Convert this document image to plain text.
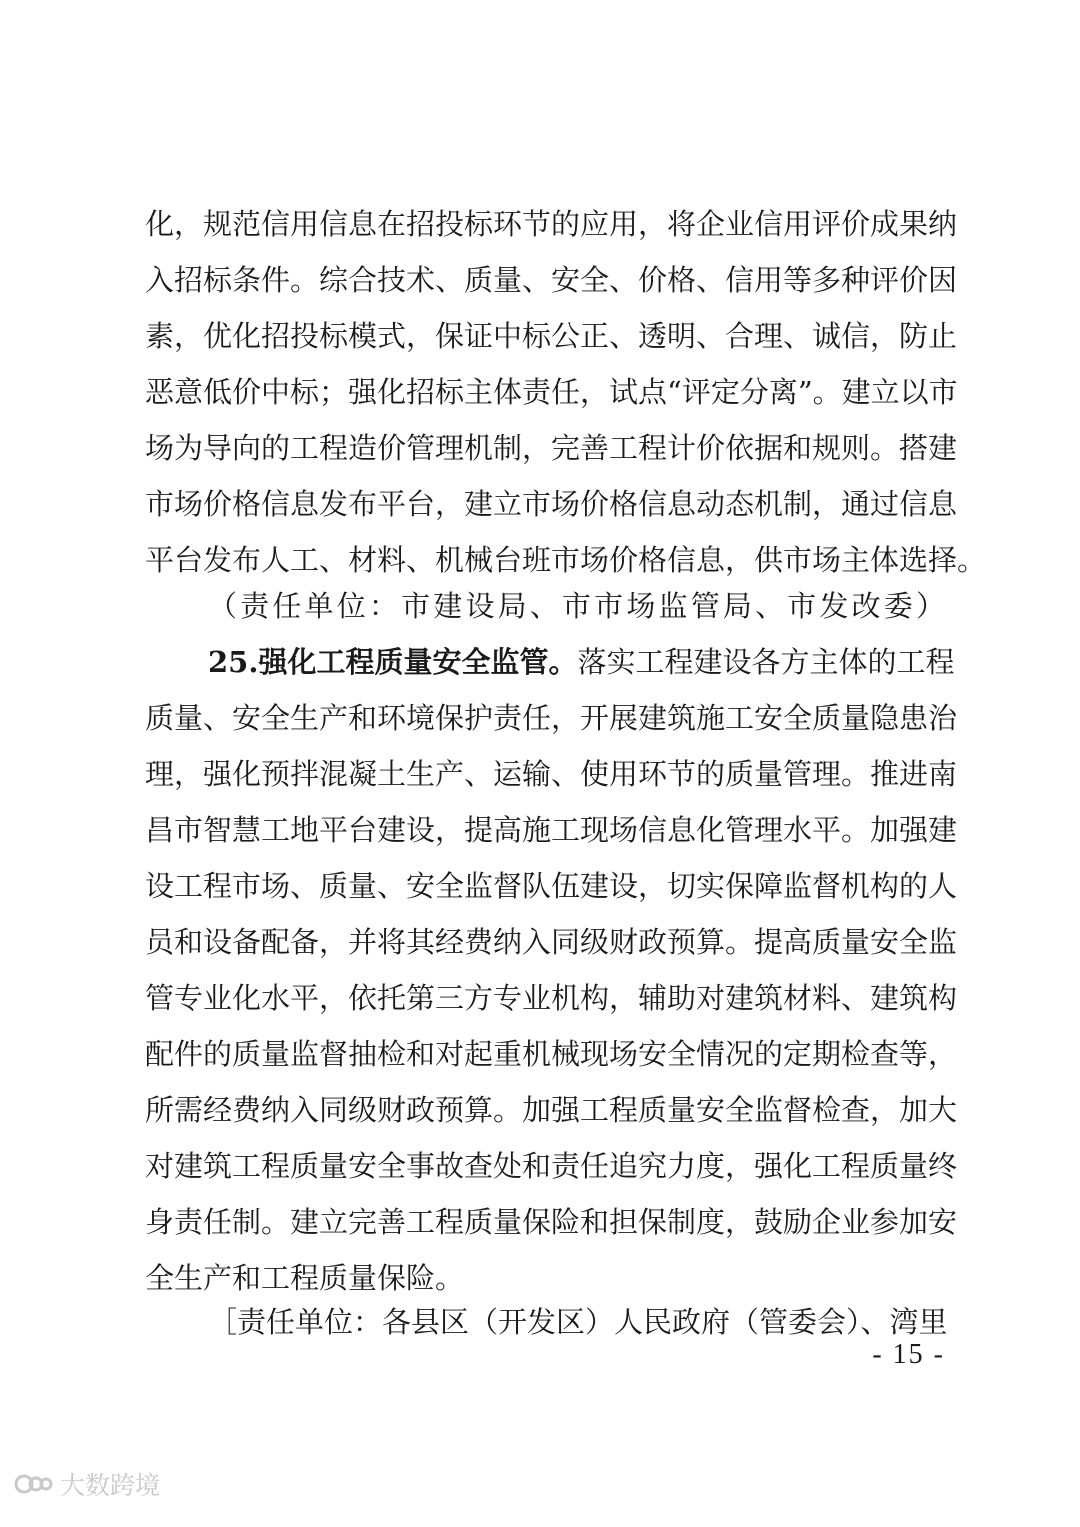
化，规范信用信息在招投标环节的应用，将企业信用评价成果纳
入招标条件。综合技术、质量、安全、价格、信用等多种评价因
素，优化招投标模式，保证中标公正、透明、合理、诚信，防止
恶意低价中标；强化招标主体责任，试点“评定分离”。建立以市
场为导向的工程造价管理机制，完善工程计价依据和规则。搭建
市场价格信息发布平台，建立市场价格信息动态机制，通过信息
平台发布人工、材料、机械台班市场价格信息，供市场主体选择。
（责任单位：市建设局、市市场监管局、市发改委）
25.强化工程质量安全监管。落实工程建设各方主体的工程
质量、安全生产和环境保护责任，开展建筑施工安全质量隐患治
理，强化预拌混凝土生产、运输、使用环节的质量管理。推进南
昌市智慧工地平台建设，提高施工现场信息化管理水平。加强建
设工程市场、质量、安全监督队伍建设，切实保障监督机构的人
员和设备配备，并将其经费纳入同级财政预算。提高质量安全监
管专业化水平，依托第三方专业机构，辅助对建筑材料、建筑构
配件的质量监督抽检和对起重机械现场安全情况的定期检查等，
所需经费纳入同级财政预算。加强工程质量安全监督检查，加大
对建筑工程质量安全事故查处和责任追究力度，强化工程质量终
身责任制。建立完善工程质量保险和担保制度，鼓励企业参加安
全生产和工程质量保险。
［责任单位：各县区（开发区）人民政府（管委会）、湾里
- 15 -
大数跨境
